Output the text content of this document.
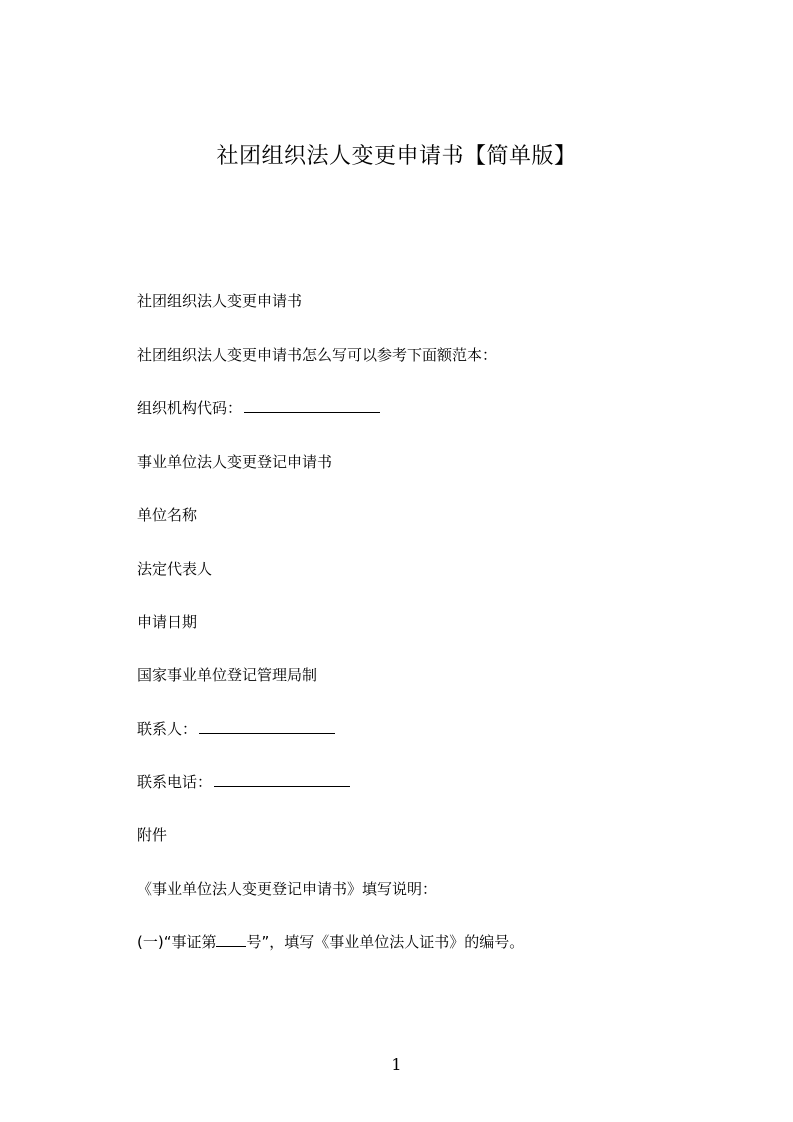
社团组织法人变更申请书【简单版】
社团组织法人变更申请书
社团组织法人变更申请书怎么写可以参考下面额范本：
组织机构代码：
事业单位法人变更登记申请书
单位名称
法定代表人
申请日期
国家事业单位登记管理局制
联系人：
联系电话：
附件
《事业单位法人变更登记申请书》填写说明：
(一)“事证第 号”，填写《事业单位法人证书》的编号。
1
